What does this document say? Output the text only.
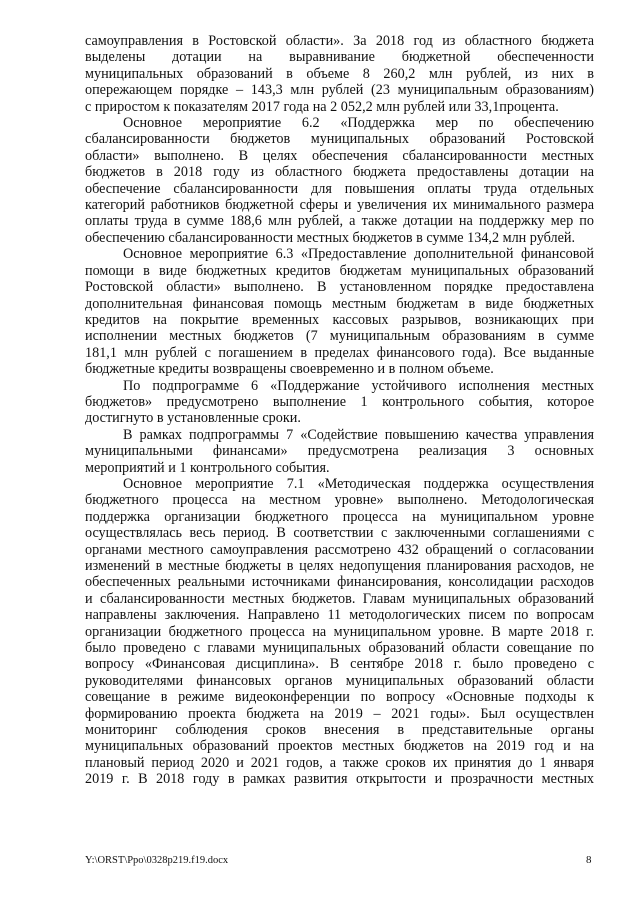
самоуправления в Ростовской области». За 2018 год из областного бюджета
выделены дотации на выравнивание бюджетной обеспеченности
муниципальных образований в объеме 8 260,2 млн рублей, из них в
опережающем порядке – 143,3 млн рублей (23 муниципальным образованиям)
с приростом к показателям 2017 года на 2 052,2 млн рублей или 33,1процента.

Основное мероприятие 6.2 «Поддержка мер по обеспечению
сбалансированности бюджетов муниципальных образований Ростовской
области» выполнено. В целях обеспечения сбалансированности местных
бюджетов в 2018 году из областного бюджета предоставлены дотации на
обеспечение сбалансированности для повышения оплаты труда отдельных
категорий работников бюджетной сферы и увеличения их минимального размера
оплаты труда в сумме 188,6 млн рублей, а также дотации на поддержку мер по
обеспечению сбалансированности местных бюджетов в сумме 134,2 млн рублей.

Основное мероприятие 6.3 «Предоставление дополнительной финансовой
помощи в виде бюджетных кредитов бюджетам муниципальных образований
Ростовской области» выполнено. В установленном порядке предоставлена
дополнительная финансовая помощь местным бюджетам в виде бюджетных
кредитов на покрытие временных кассовых разрывов, возникающих при
исполнении местных бюджетов (7 муниципальным образованиям в сумме
181,1 млн рублей с погашением в пределах финансового года). Все выданные
бюджетные кредиты возвращены своевременно и в полном объеме.

По подпрограмме 6 «Поддержание устойчивого исполнения местных
бюджетов» предусмотрено выполнение 1 контрольного события, которое
достигнуто в установленные сроки.

В рамках подпрограммы 7 «Содействие повышению качества управления
муниципальными финансами» предусмотрена реализация 3 основных
мероприятий и 1 контрольного события.

Основное мероприятие 7.1 «Методическая поддержка осуществления
бюджетного процесса на местном уровне» выполнено. Методологическая
поддержка организации бюджетного процесса на муниципальном уровне
осуществлялась весь период. В соответствии с заключенными соглашениями с
органами местного самоуправления рассмотрено 432 обращений о согласовании
изменений в местные бюджеты в целях недопущения планирования расходов, не
обеспеченных реальными источниками финансирования, консолидации расходов
и сбалансированности местных бюджетов. Главам муниципальных образований
направлены заключения. Направлено 11 методологических писем по вопросам
организации бюджетного процесса на муниципальном уровне. В марте 2018 г.
было проведено с главами муниципальных образований области совещание по
вопросу «Финансовая дисциплина». В сентябре 2018 г. было проведено с
руководителями финансовых органов муниципальных образований области
совещание в режиме видеоконференции по вопросу «Основные подходы к
формированию проекта бюджета на 2019 – 2021 годы». Был осуществлен
мониторинг соблюдения сроков внесения в представительные органы
муниципальных образований проектов местных бюджетов на 2019 год и на
плановый период 2020 и 2021 годов, а также сроков их принятия до 1 января
2019 г. В 2018 году в рамках развития открытости и прозрачности местных

Y:\ORST\Ppo\0328p219.f19.docx	8
